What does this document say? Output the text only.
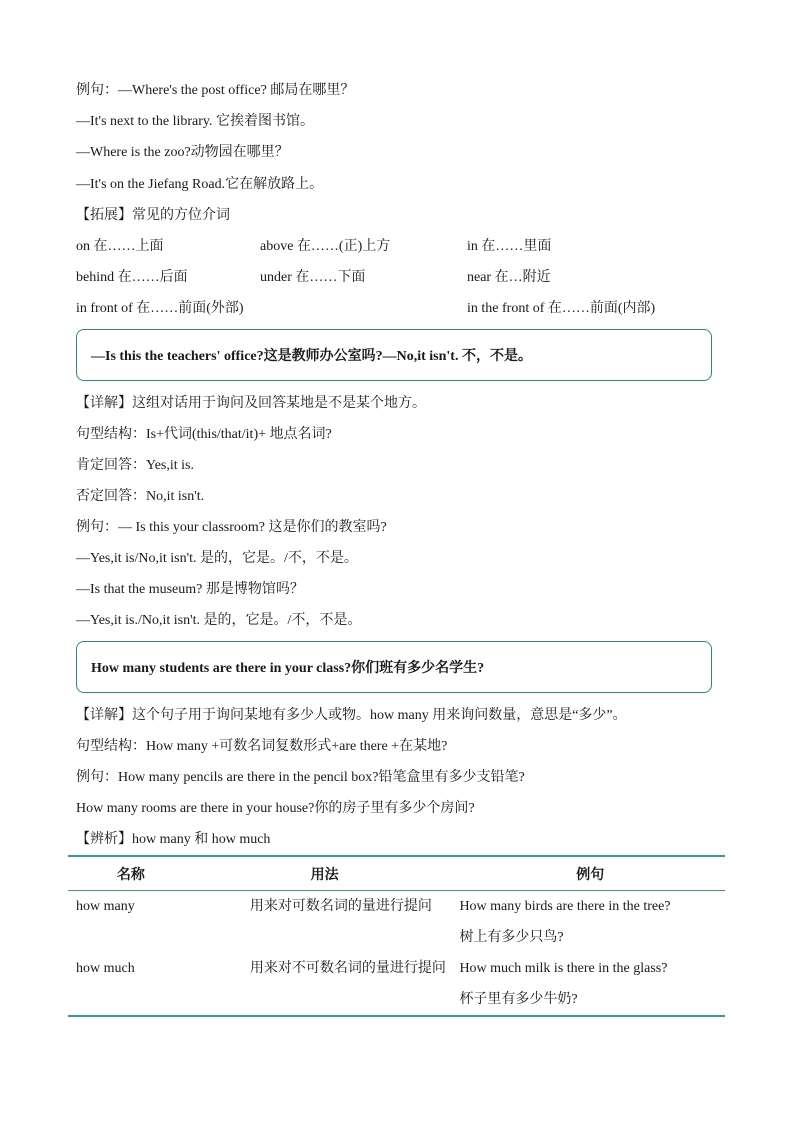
例句：—Where's the post office? 邮局在哪里？
—It's next to the library. 它挨着图书馆。
—Where is the zoo?动物园在哪里？
—It's on the Jiefang Road.它在解放路上。
【拓展】常见的方位介词
on 在……上面	above 在……(正)上方	in 在……里面
behind 在……后面	under 在……下面	near 在…附近
in front of 在……前面(外部)	in the front of 在……前面(内部)
—Is this the teachers' office?这是教师办公室吗?—No,it isn't. 不，不是。
【详解】这组对话用于询问及回答某地是不是某个地方。
句型结构：Is+代词(this/that/it)+ 地点名词?
肯定回答：Yes,it is.
否定回答：No,it isn't.
例句：— Is this your classroom? 这是你们的教室吗?
—Yes,it is/No,it isn't. 是的，它是。/不，不是。
—Is that the museum? 那是博物馆吗？
—Yes,it is./No,it isn't. 是的，它是。/不，不是。
How many students are there in your class?你们班有多少名学生?
【详解】这个句子用于询问某地有多少人或物。how many 用来询问数量，意思是“多少”。
句型结构：How many +可数名词复数形式+are there +在某地?
例句：How many pencils are there in the pencil box?铅笔盒里有多少支铅笔?
How many rooms are there in your house?你的房子里有多少个房间?
【辨析】how many 和 how much
名称	用法	例句

how many	用来对可数名词的量进行提问	How many birds are there in the tree?
树上有多少只鸟?

how much	用来对不可数名词的量进行提问	How much milk is there in the glass?
杯子里有多少牛奶?
